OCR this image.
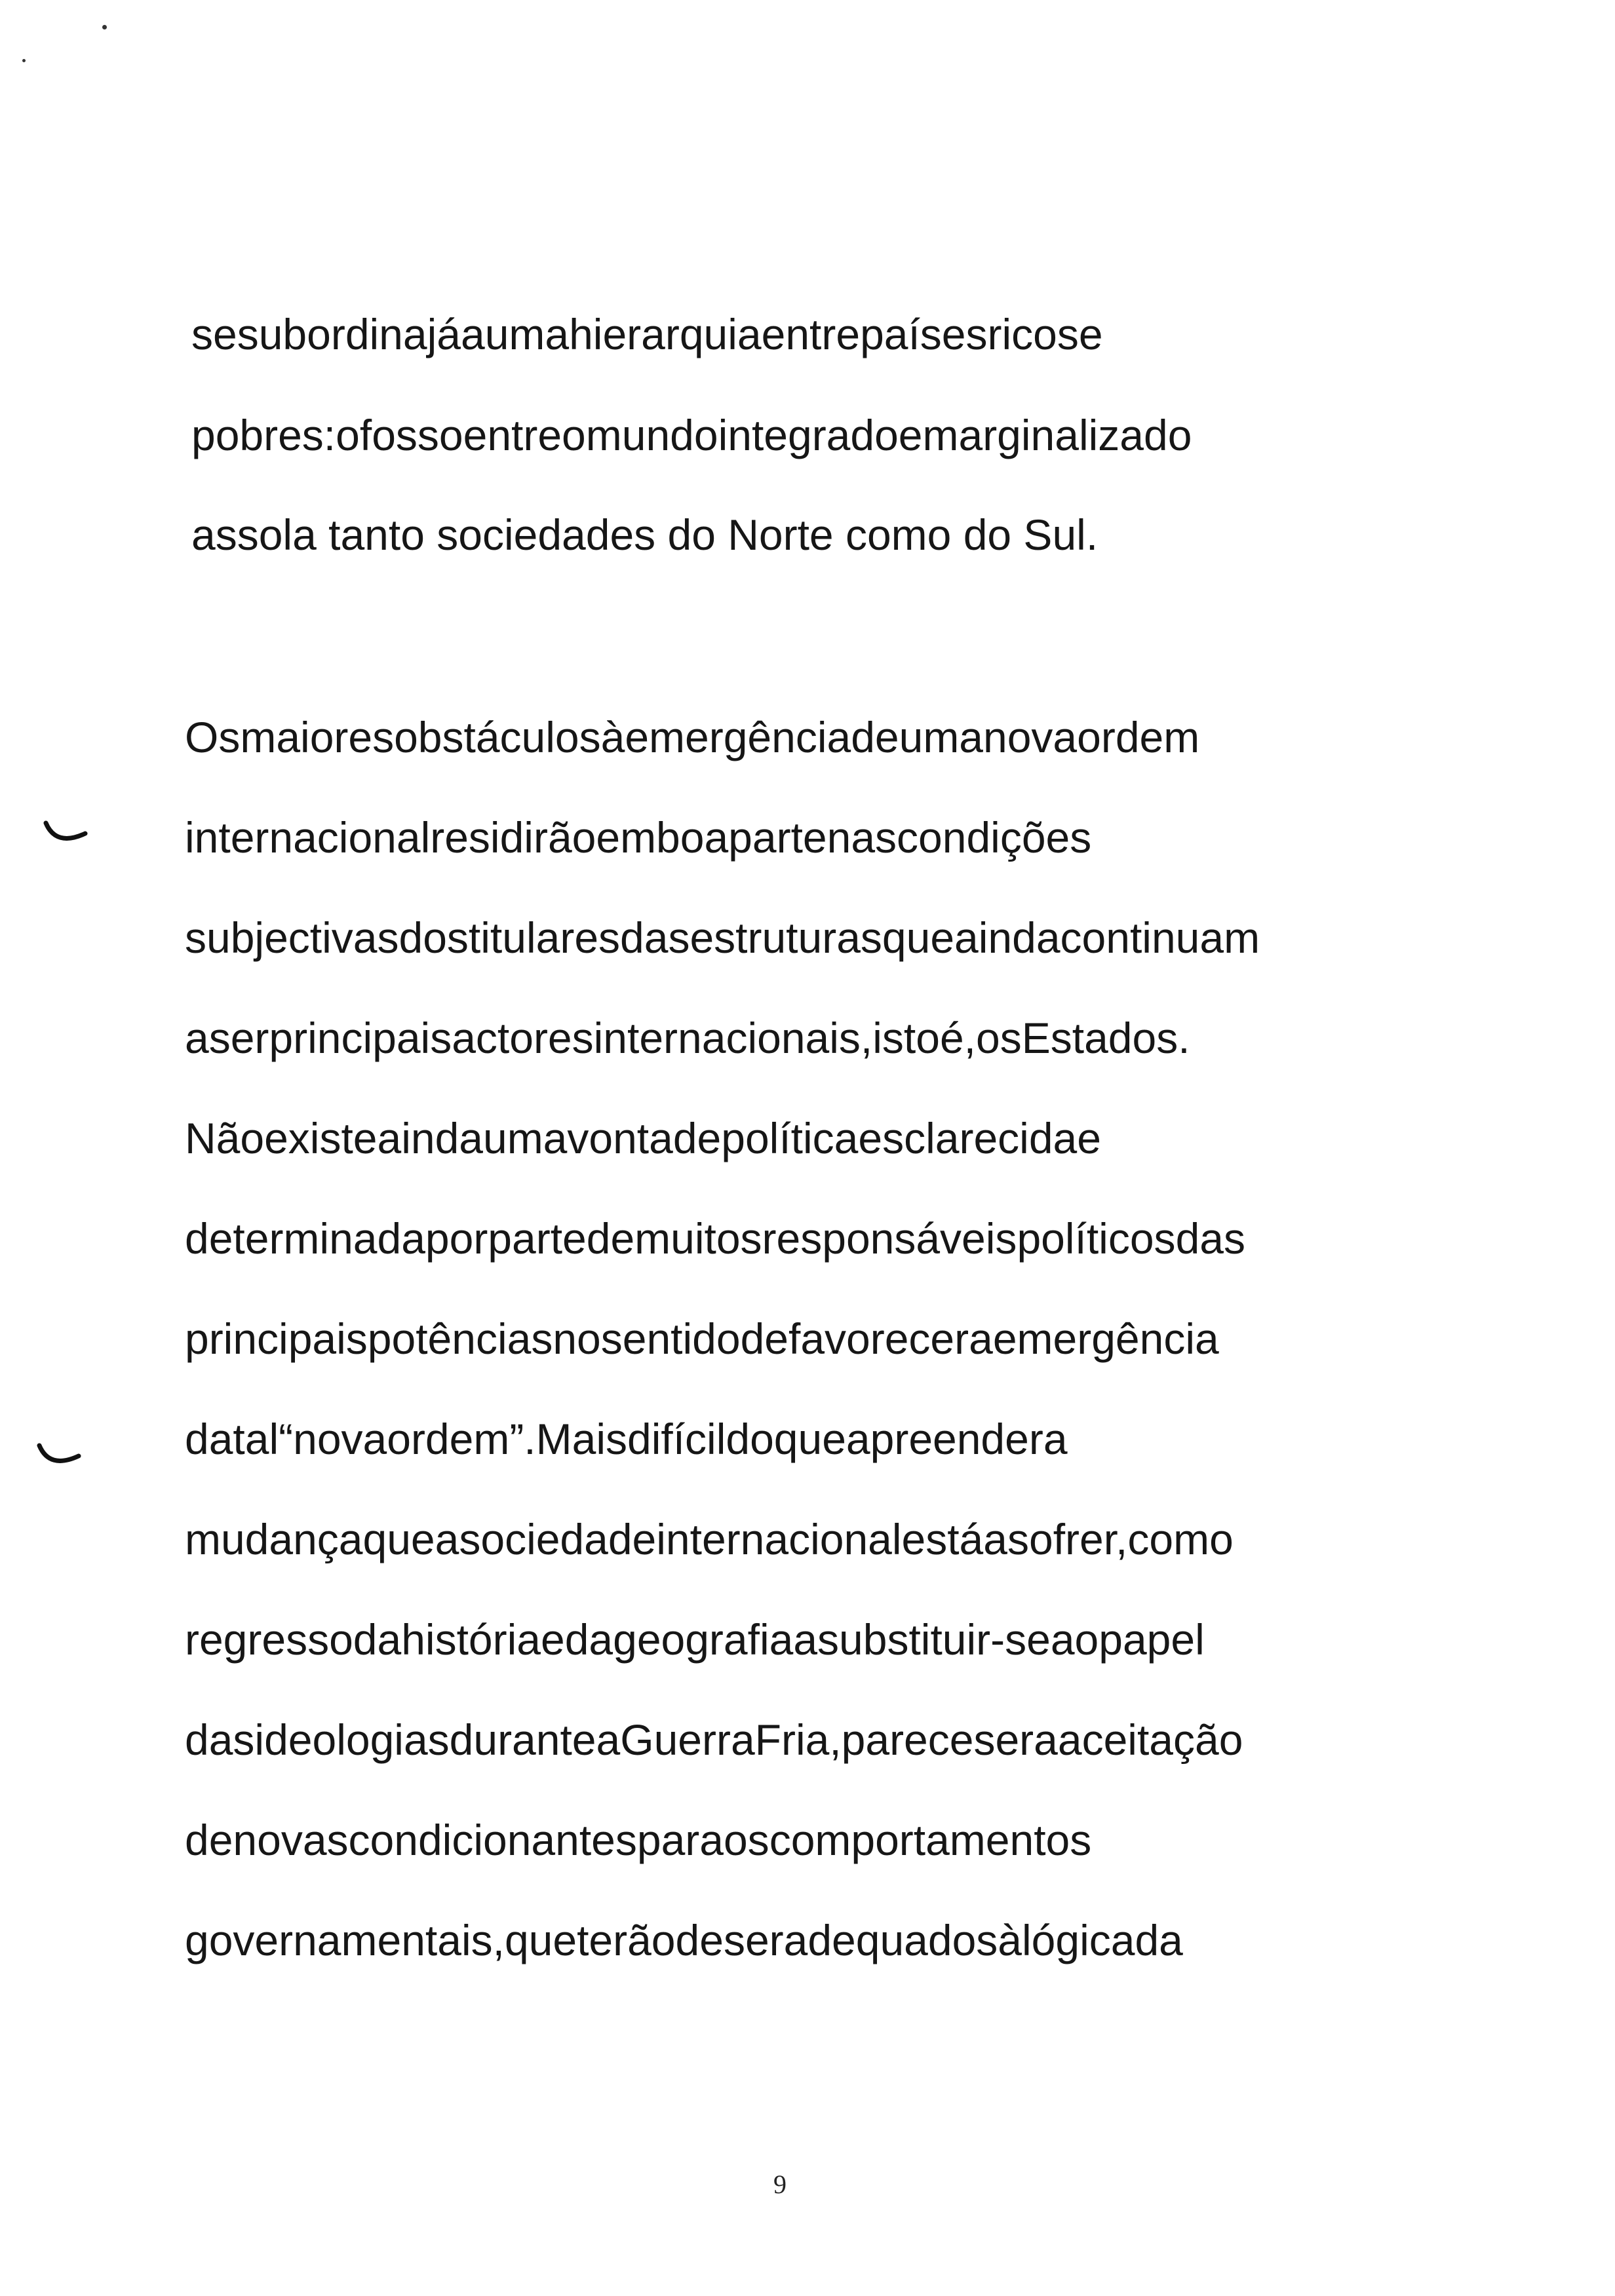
se subordina já a uma hierarquia entre países ricos e
pobres: o fosso entre o mundo integrado e marginalizado
assola tanto sociedades do Norte como do Sul.
Os maiores obstáculos à emergência de uma nova ordem
internacional residirão em boa parte nas condições
subjectivas dos titulares das estruturas que ainda continuam
a ser principais actores internacionais, isto é, os Estados.
Não existe ainda uma vontade política esclarecida e
determinada por parte de muitos responsáveis políticos das
principais potências no sentido de favorecer a emergência
da tal “nova ordem”. Mais difícil do que apreender a
mudança que a sociedade internacional está a sofrer, com o
regresso da história e da geografia a substituir-se ao papel
das ideologias durante a Guerra Fria, parece ser a aceitação
de novas condicionantes para os comportamentos
governamentais, que terão de ser adequados à lógica da
9
